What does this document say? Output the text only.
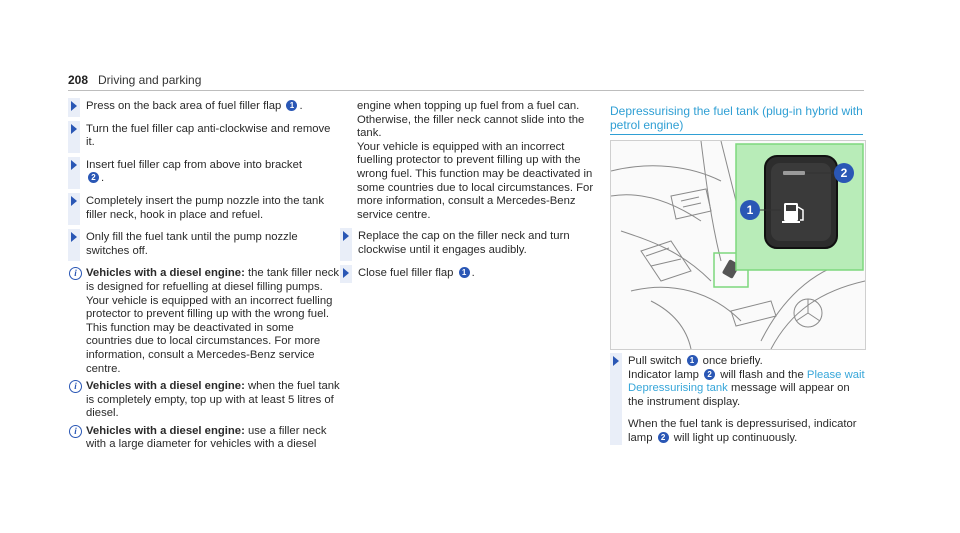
208 Driving and parking
Press on the back area of fuel filler flap 1 .
Turn the fuel filler cap anti-clockwise and remove it.
Insert fuel filler cap from above into bracket
2 .
Completely insert the pump nozzle into the tank filler neck, hook in place and refuel.
Only fill the fuel tank until the pump nozzle switches off.
i Vehicles with a diesel engine: the tank filler neck is designed for refuelling at diesel filling pumps.
Your vehicle is equipped with an incorrect fuelling protector to prevent filling up with the wrong fuel. This function may be deactivated in some countries due to local circumstances. For more information, consult a Mercedes-Benz service centre.
i Vehicles with a diesel engine: when the fuel tank is completely empty, top up with at least 5 litres of diesel.
i Vehicles with a diesel engine: use a filler neck with a large diameter for vehicles with a diesel
engine when topping up fuel from a fuel can. Otherwise, the filler neck cannot slide into the tank.
Your vehicle is equipped with an incorrect fuelling protector to prevent filling up with the wrong fuel. This function may be deactivated in some countries due to local circumstances. For more information, consult a Mercedes-Benz service centre.
Replace the cap on the filler neck and turn clockwise until it engages audibly.
Close fuel filler flap 1 .
Depressurising the fuel tank (plug-in hybrid with petrol engine)
1
2
Pull switch 1 once briefly.
Indicator lamp 2 will flash and the Please wait Depressurising tank message will appear on the instrument display.
When the fuel tank is depressurised, indicator lamp 2 will light up continuously.
